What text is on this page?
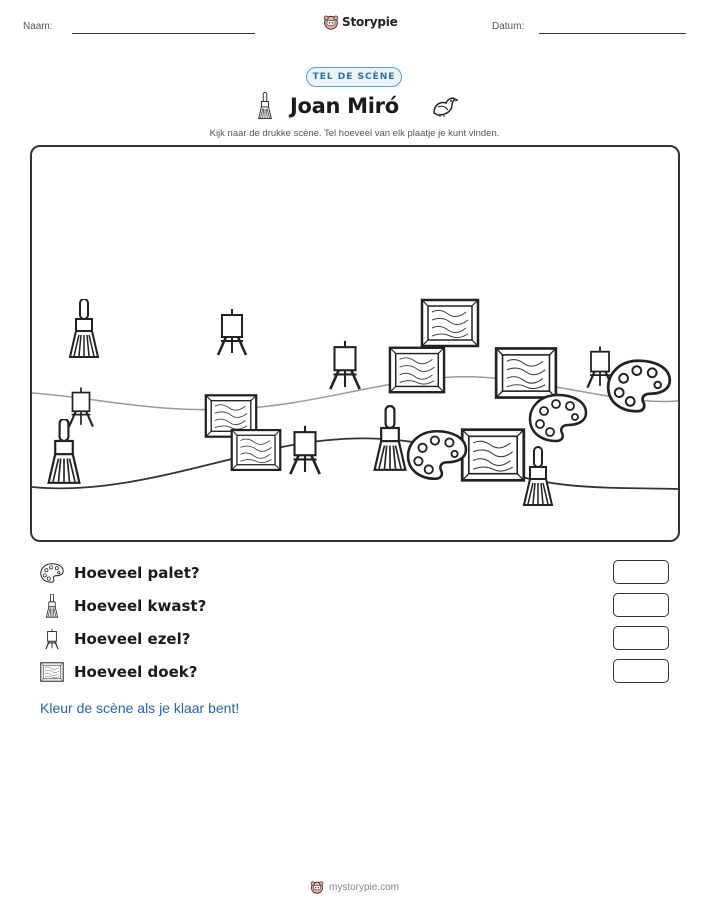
Naam:	Storypie	Datum:
TEL DE SCÈNE
Joan Miró
Kijk naar de drukke scène. Tel hoeveel van elk plaatje je kunt vinden.
Hoeveel palet?
Hoeveel kwast?
Hoeveel ezel?
Hoeveel doek?
Kleur de scène als je klaar bent!
mystorypie.com
